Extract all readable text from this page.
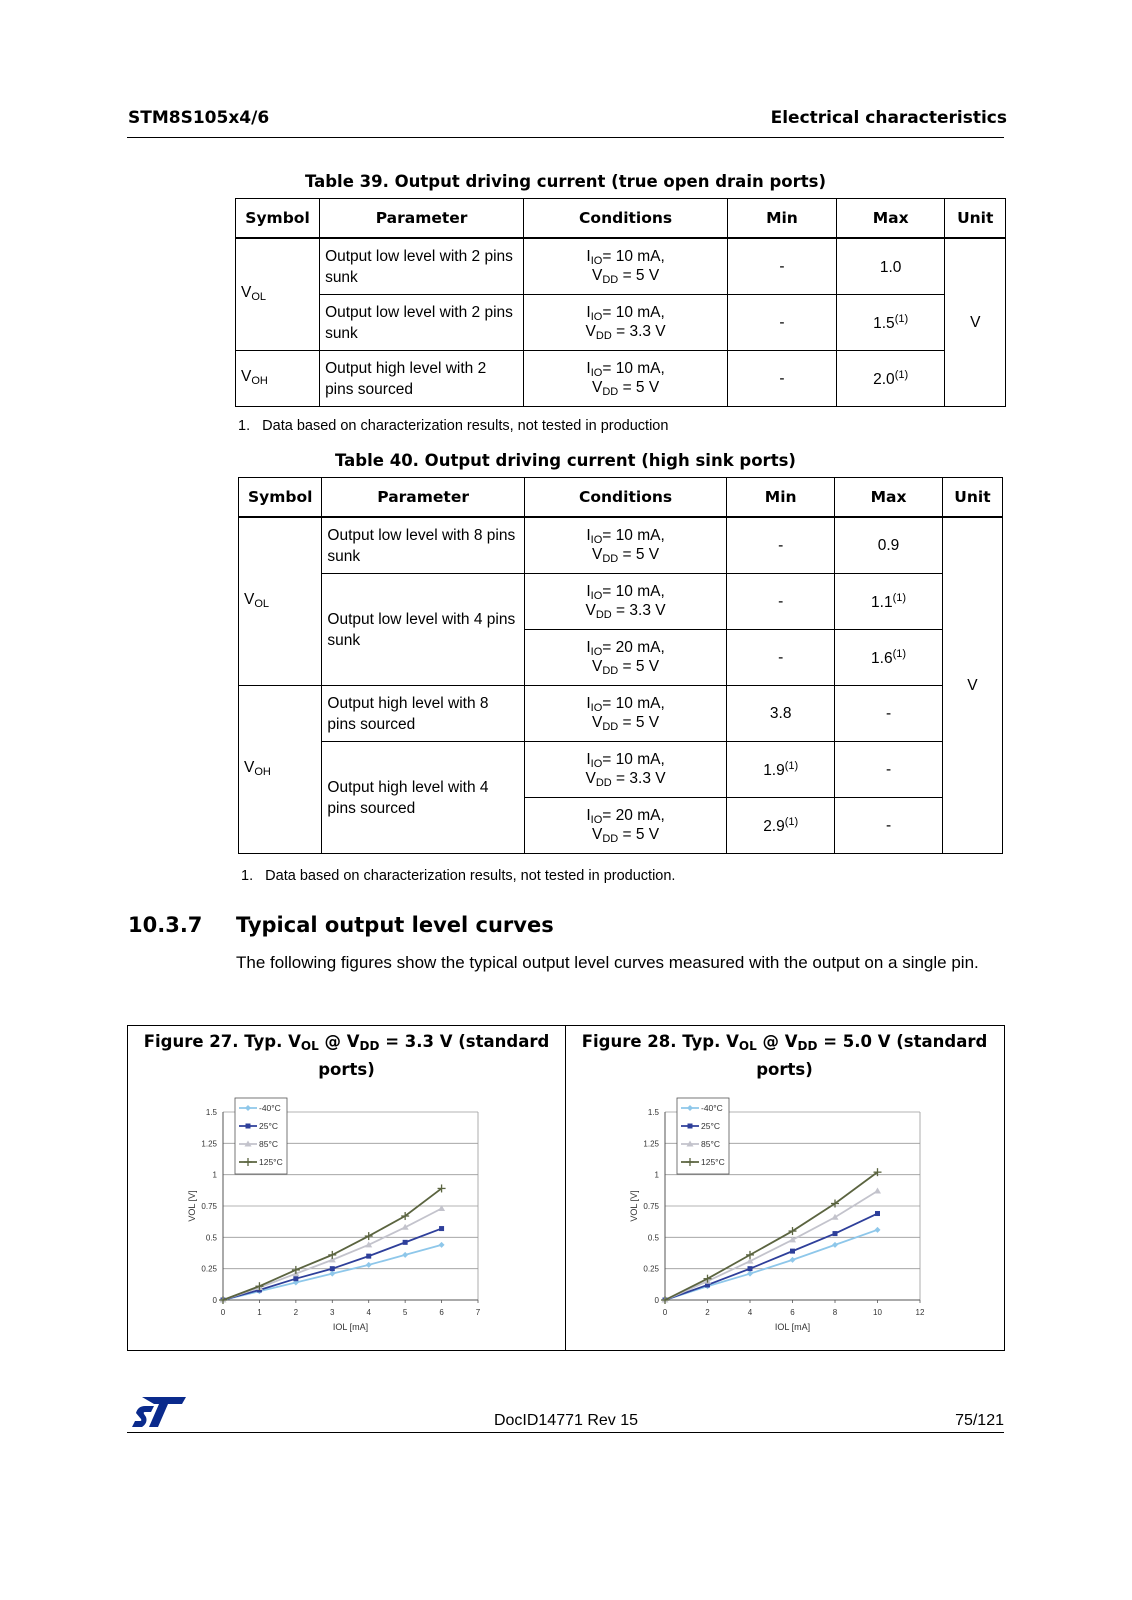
STM8S105x4/6	Electrical characteristics
Table 39. Output driving current (true open drain ports)
Symbol	Parameter	Conditions	Min	Max	Unit
$V_{OL}$	Output low level with 2 pins sunk	$I_{IO}= 10$ mA,
$V_{DD} = 5$ V	-	1.0	V
	Output low level with 2 pins sunk	$I_{IO}= 10$ mA,
$V_{DD} = 3.3$ V	-	1.5$^{(1)}$
$V_{OH}$	Output high level with 2 pins sourced	$I_{IO}= 10$ mA,
$V_{DD} = 5$ V	-	2.0$^{(1)}$
1.   Data based on characterization results, not tested in production
Table 40. Output driving current (high sink ports)
Symbol	Parameter	Conditions	Min	Max	Unit
$V_{OL}$	Output low level with 8 pins sunk	$I_{IO}= 10$ mA,
$V_{DD} = 5$ V	-	0.9	V
	Output low level with 4 pins sunk	$I_{IO}= 10$ mA,
$V_{DD} = 3.3$ V	-	1.1$^{(1)}$

		$I_{IO}= 20$ mA,
$V_{DD} = 5$ V	-	1.6$^{(1)}$
$V_{OH}$	Output high level with 8 pins sourced	$I_{IO}= 10$ mA,
$V_{DD} = 5$ V	3.8	-	
	Output high level with 4 pins sourced	$I_{IO}= 10$ mA,
$V_{DD} = 3.3$ V	1.9$^{(1)}$	-	

		$I_{IO}= 20$ mA,
$V_{DD} = 5$ V	2.9$^{(1)}$	-	
1.   Data based on characterization results, not tested in production.
10.3.7 Typical output level curves
The following figures show the typical output level curves measured with the output on a single pin.
Figure 27. Typ. $V_{OL}$ @ $V_{DD} = 3.3$ V (standard ports)
Figure 28. Typ. $V_{OL}$ @ $V_{DD} = 5.0$ V (standard ports)
0
0.25
0.5
0.75
1
1.25
1.5
0	1	2	3	4	5	6	7
IOL [mA]
VOL [V]
-40°C
25°C
85°C
125°C
0
0.25
0.5
0.75
1
1.25
1.5
0	2	4	6	8	10	12
IOL [mA]
VOL [V]
-40°C
25°C
85°C
125°C
ST
DocID14771 Rev 15	75/121
